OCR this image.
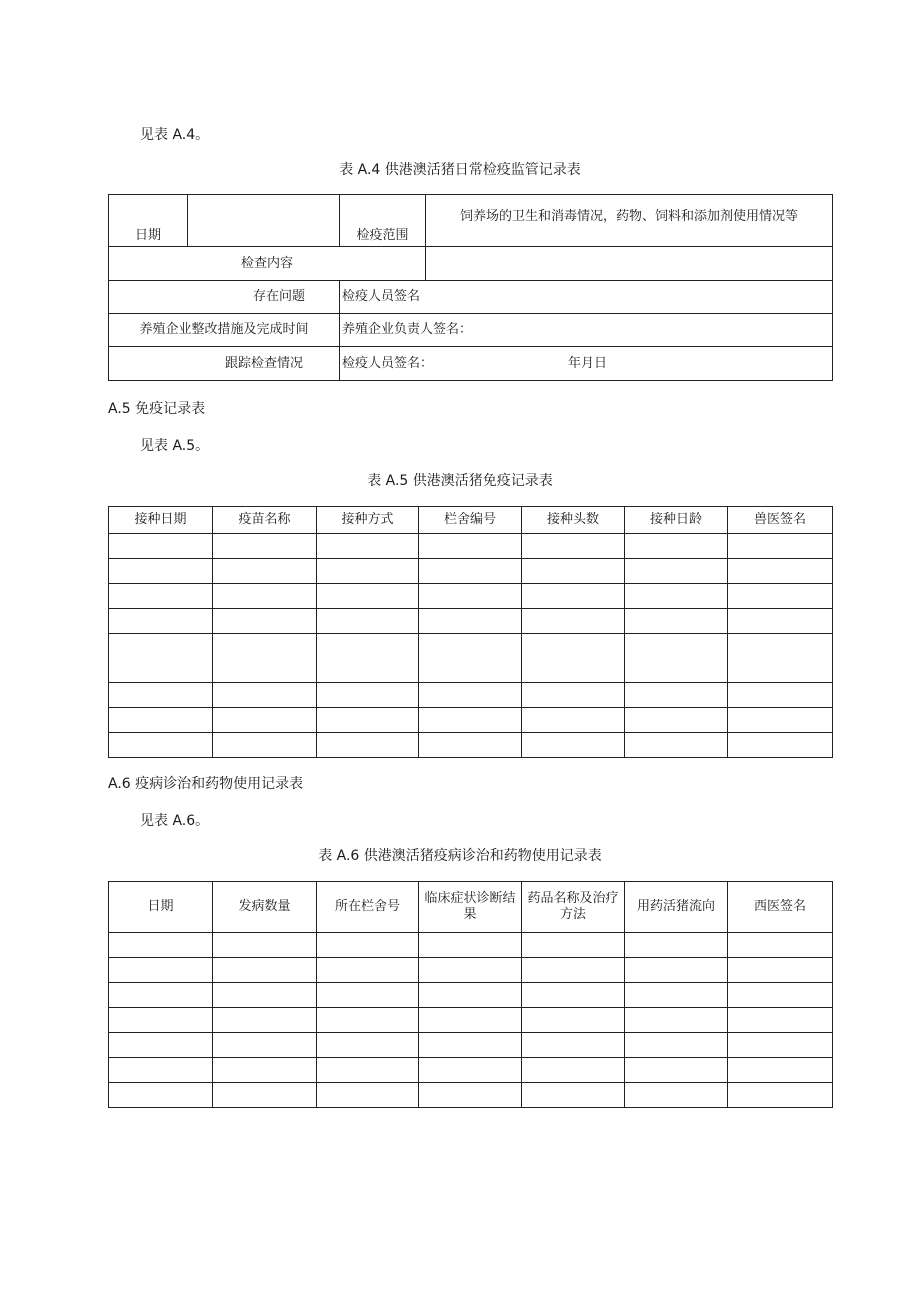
见表 A.4。
表 A.4 供港澳活猪日常检疫监管记录表
日期		检疫范围	饲养场的卫生和消毒情况，药物、饲料和添加剂使用情况等
检查内容			
存在问题		检疫人员签名	
养殖企业整改措施及完成时间		养殖企业负责人签名：	
跟踪检查情况		检疫人员签名： 年月日	
A.5 免疫记录表
见表 A.5。
表 A.5 供港澳活猪免疫记录表
接种日期	疫苗名称	接种方式	栏舍编号	接种头数	接种日龄	兽医签名

A.6 疫病诊治和药物使用记录表
见表 A.6。
表 A.6 供港澳活猪疫病诊治和药物使用记录表
日期	发病数量	所在栏舍号	临床症状诊断结果	药品名称及治疗方法	用药活猪流向	西医签名
